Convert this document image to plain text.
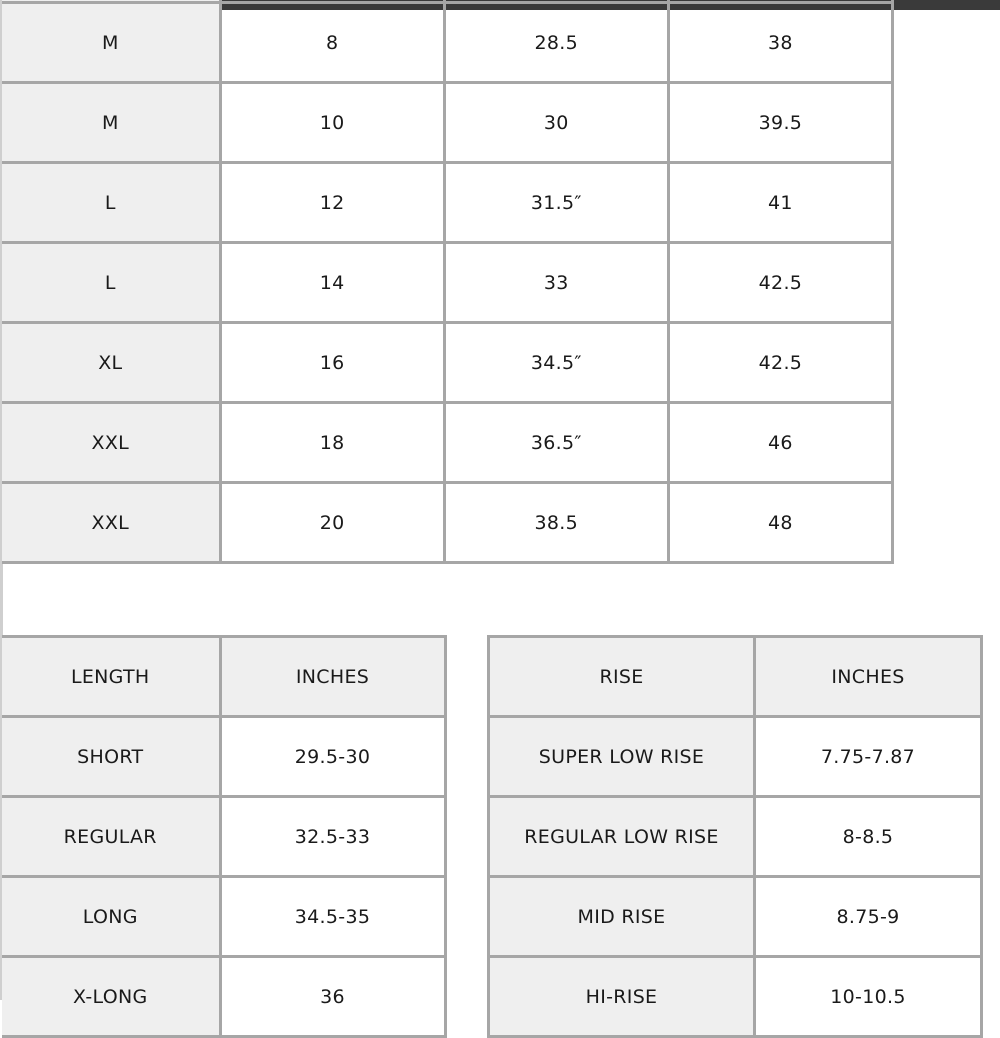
M	8	28.5	38
M	10	30	39.5
L	12	31.5″	41
L	14	33	42.5
XL	16	34.5″	42.5
XXL	18	36.5″	46
XXL	20	38.5	48
LENGTH	INCHES
SHORT	29.5-30
REGULAR	32.5-33
LONG	34.5-35
X-LONG	36
RISE	INCHES
SUPER LOW RISE	7.75-7.87
REGULAR LOW RISE	8-8.5
MID RISE	8.75-9
HI-RISE	10-10.5
